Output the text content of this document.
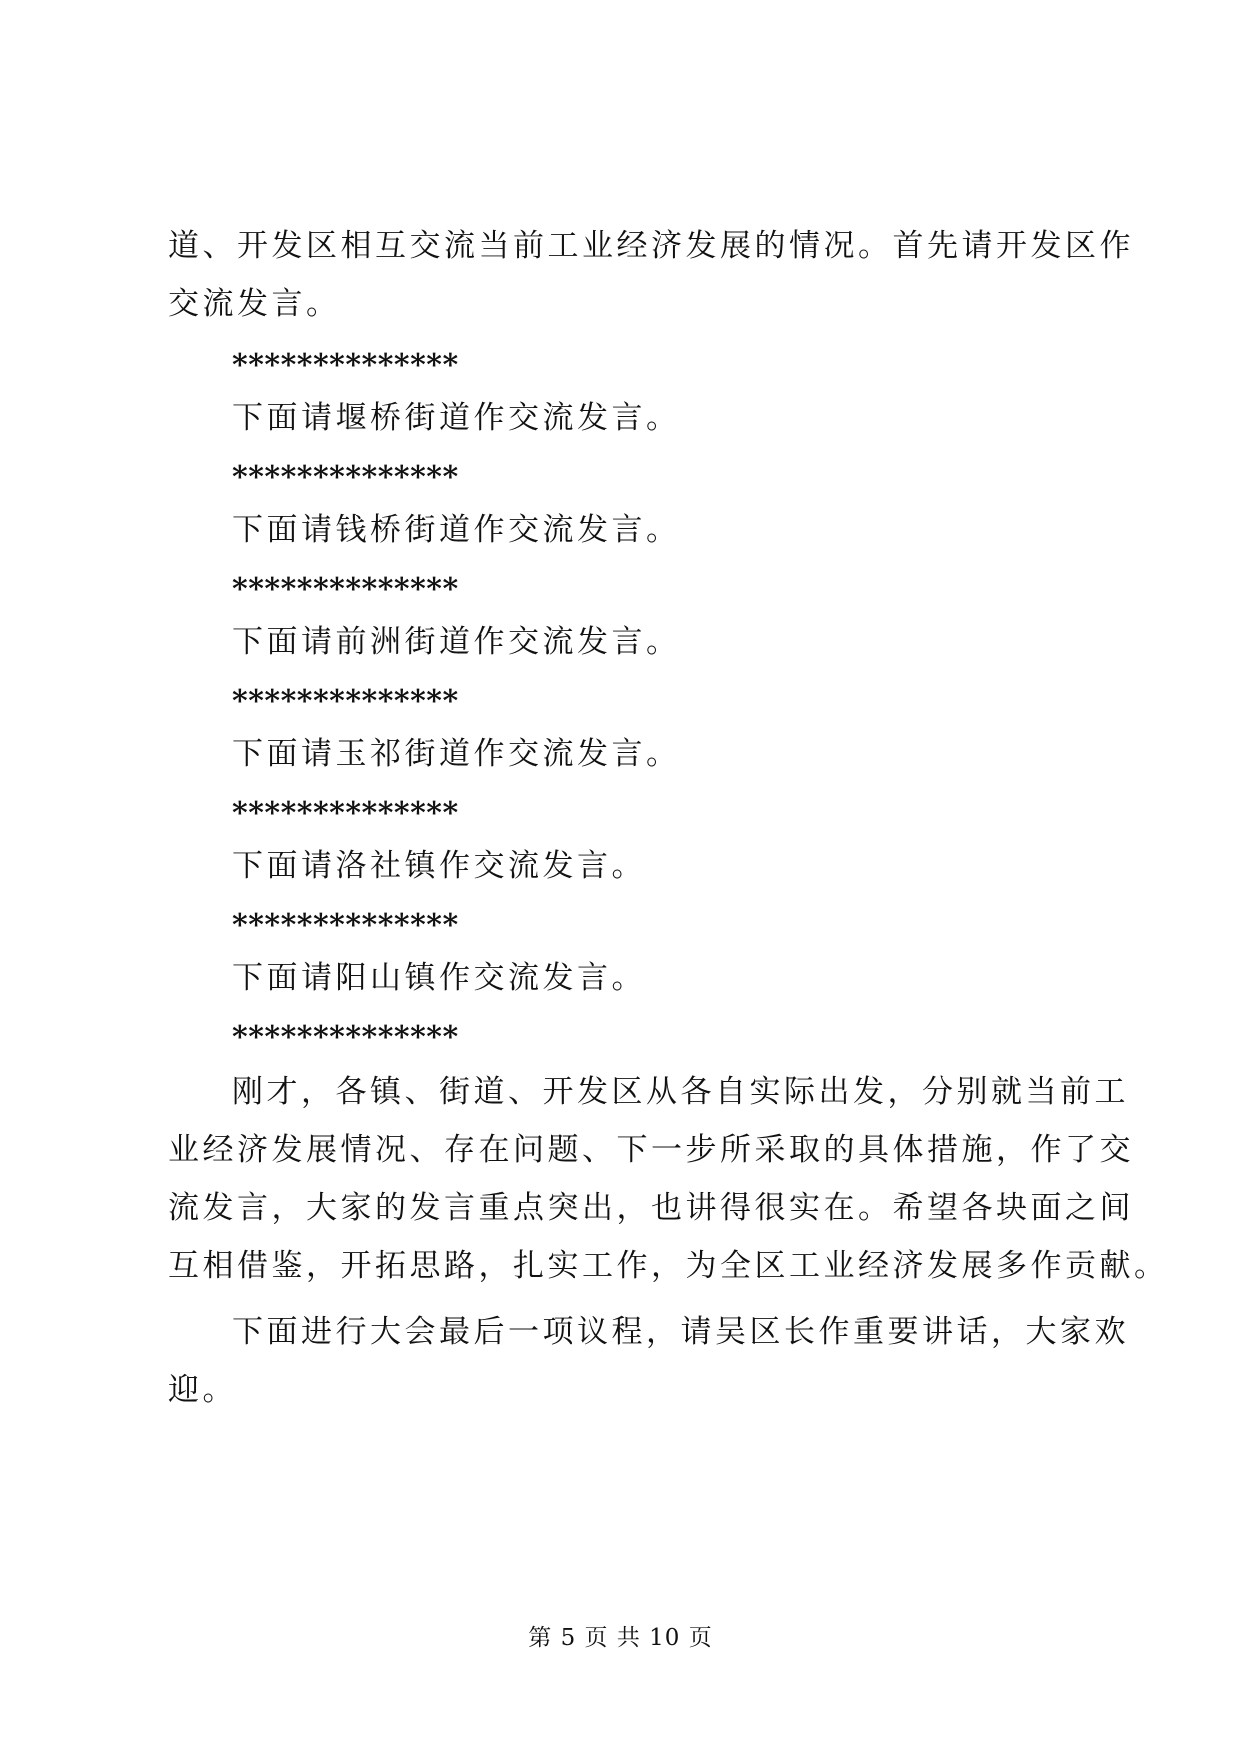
道、开发区相互交流当前工业经济发展的情况。首先请开发区作
交流发言。
**************
下面请堰桥街道作交流发言。
**************
下面请钱桥街道作交流发言。
**************
下面请前洲街道作交流发言。
**************
下面请玉祁街道作交流发言。
**************
下面请洛社镇作交流发言。
**************
下面请阳山镇作交流发言。
**************
刚才，各镇、街道、开发区从各自实际出发，分别就当前工
业经济发展情况、存在问题、下一步所采取的具体措施，作了交
流发言，大家的发言重点突出，也讲得很实在。希望各块面之间
互相借鉴，开拓思路，扎实工作，为全区工业经济发展多作贡献。
下面进行大会最后一项议程，请吴区长作重要讲话，大家欢
迎。
第 5 页 共 10 页
